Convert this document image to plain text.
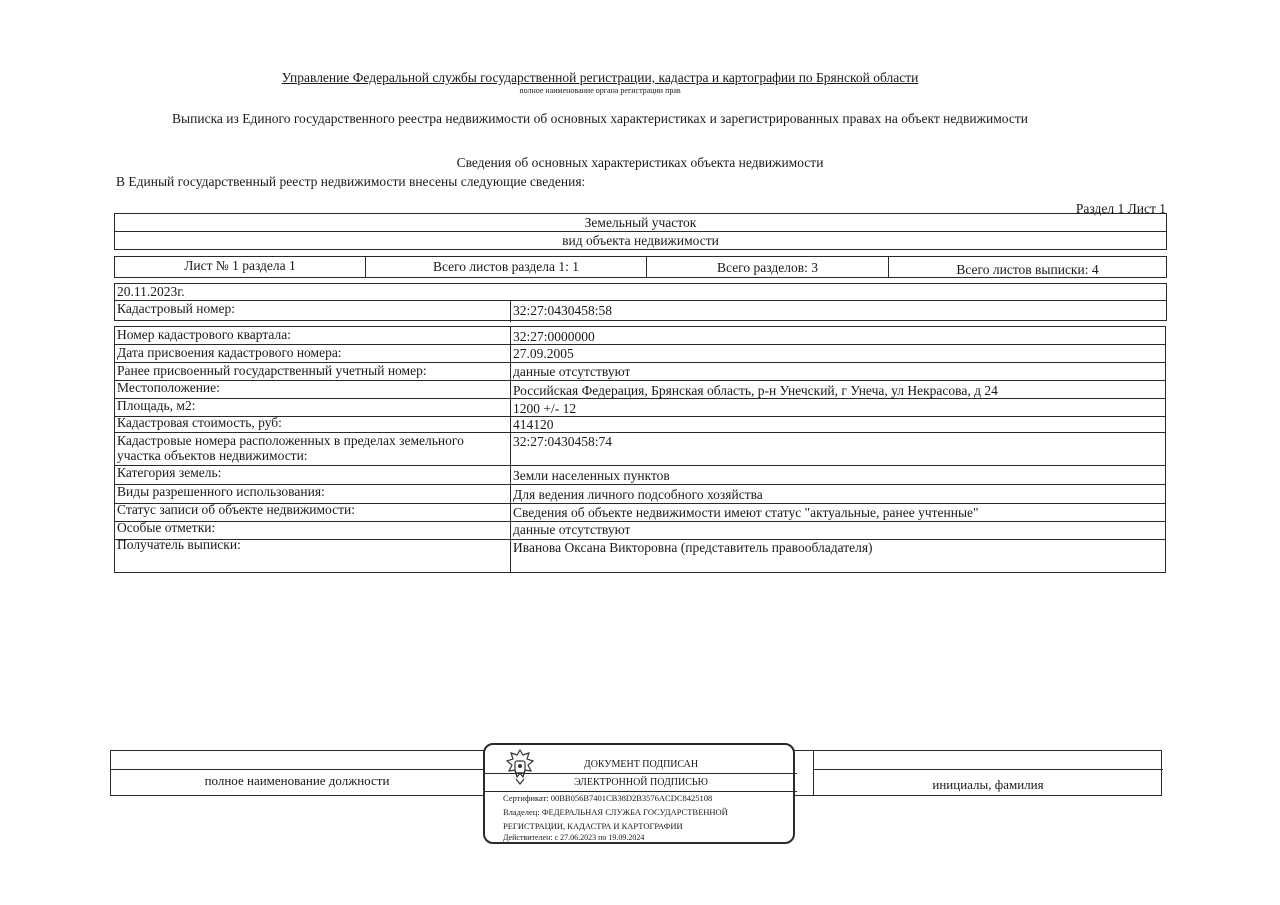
Управление Федеральной службы государственной регистрации, кадастра и картографии по Брянской области
полное наименование органа регистрации прав
Выписка из Единого государственного реестра недвижимости об основных характеристиках и зарегистрированных правах на объект недвижимости
Сведения об основных характеристиках объекта недвижимости
В Единый государственный реестр недвижимости внесены следующие сведения:
Раздел 1 Лист 1
Земельный участок
вид объекта недвижимости
Лист № 1 раздела 1	Всего листов раздела 1: 1	Всего разделов: 3	Всего листов выписки: 4
20.11.2023г.
Кадастровый номер:	32:27:0430458:58
Номер кадастрового квартала:	32:27:0000000
Дата присвоения кадастрового номера:	27.09.2005
Ранее присвоенный государственный учетный номер:	данные отсутствуют
Местоположение:	Российская Федерация, Брянская область, р-н Унечский, г Унеча, ул Некрасова, д 24
Площадь, м2:	1200 +/- 12
Кадастровая стоимость, руб:	414120
Кадастровые номера расположенных в пределах земельного
участка объектов недвижимости:
32:27:0430458:74
Категория земель:	Земли населенных пунктов
Виды разрешенного использования:	Для ведения личного подсобного хозяйства
Статус записи об объекте недвижимости:	Сведения об объекте недвижимости имеют статус "актуальные, ранее учтенные"
Особые отметки:	данные отсутствуют
Получатель выписки:	Иванова Оксана Викторовна (представитель правообладателя)
полное наименование должности	инициалы, фамилия
ДОКУМЕНТ ПОДПИСАН
ЭЛЕКТРОННОЙ ПОДПИСЬЮ
Сертификат: 00BB056B7401CB38D2B3576ACDC8425108
Владелец: ФЕДЕРАЛЬНАЯ СЛУЖБА ГОСУДАРСТВЕННОЙ
РЕГИСТРАЦИИ, КАДАСТРА И КАРТОГРАФИИ
Действителен: с 27.06.2023 по 19.09.2024
